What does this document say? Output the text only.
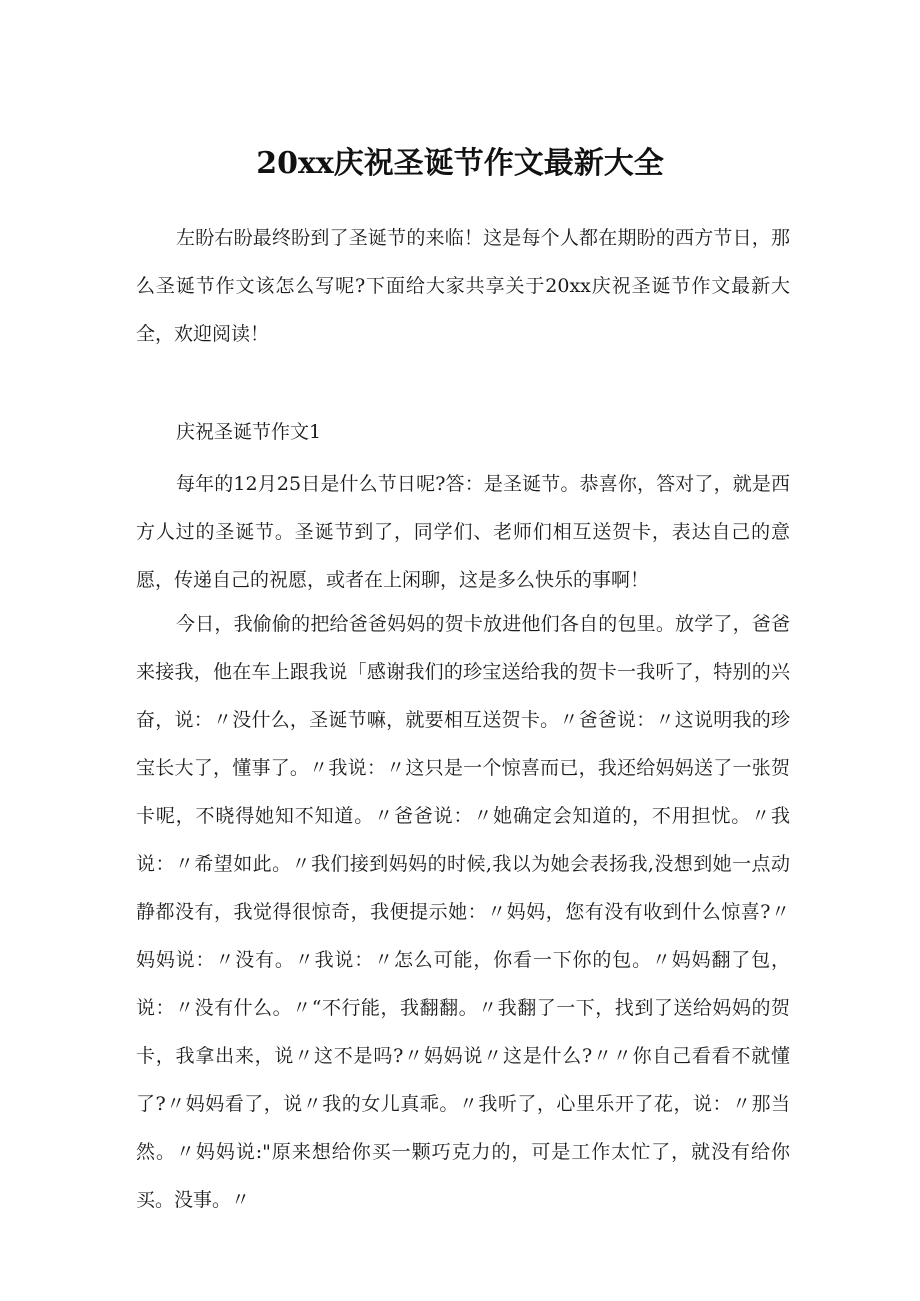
20xx庆祝圣诞节作文最新大全

左盼右盼最终盼到了圣诞节的来临！这是每个人都在期盼的西方节日，那么圣诞节作文该怎么写呢?下面给大家共享关于20xx庆祝圣诞节作文最新大全，欢迎阅读！

庆祝圣诞节作文1

每年的12月25日是什么节日呢?答：是圣诞节。恭喜你，答对了，就是西方人过的圣诞节。圣诞节到了，同学们、老师们相互送贺卡，表达自己的意愿，传递自己的祝愿，或者在上闲聊，这是多么快乐的事啊！

今日，我偷偷的把给爸爸妈妈的贺卡放进他们各自的包里。放学了，爸爸来接我，他在车上跟我说「感谢我们的珍宝送给我的贺卡一我听了，特别的兴奋，说：〃没什么，圣诞节嘛，就要相互送贺卡。〃爸爸说：〃这说明我的珍宝长大了，懂事了。〃我说：〃这只是一个惊喜而已，我还给妈妈送了一张贺卡呢，不晓得她知不知道。〃爸爸说：〃她确定会知道的，不用担忧。〃我说：〃希望如此。〃我们接到妈妈的时候,我以为她会表扬我,没想到她一点动静都没有，我觉得很惊奇，我便提示她：〃妈妈，您有没有收到什么惊喜?〃妈妈说：〃没有。〃我说：〃怎么可能，你看一下你的包。〃妈妈翻了包，说：〃没有什么。〃“不行能，我翻翻。〃我翻了一下，找到了送给妈妈的贺卡，我拿出来，说〃这不是吗?〃妈妈说〃这是什么?〃〃你自己看看不就懂了?〃妈妈看了，说〃我的女儿真乖。〃我听了，心里乐开了花，说：〃那当然。〃妈妈说:"原来想给你买一颗巧克力的，可是工作太忙了，就没有给你买。没事。〃
